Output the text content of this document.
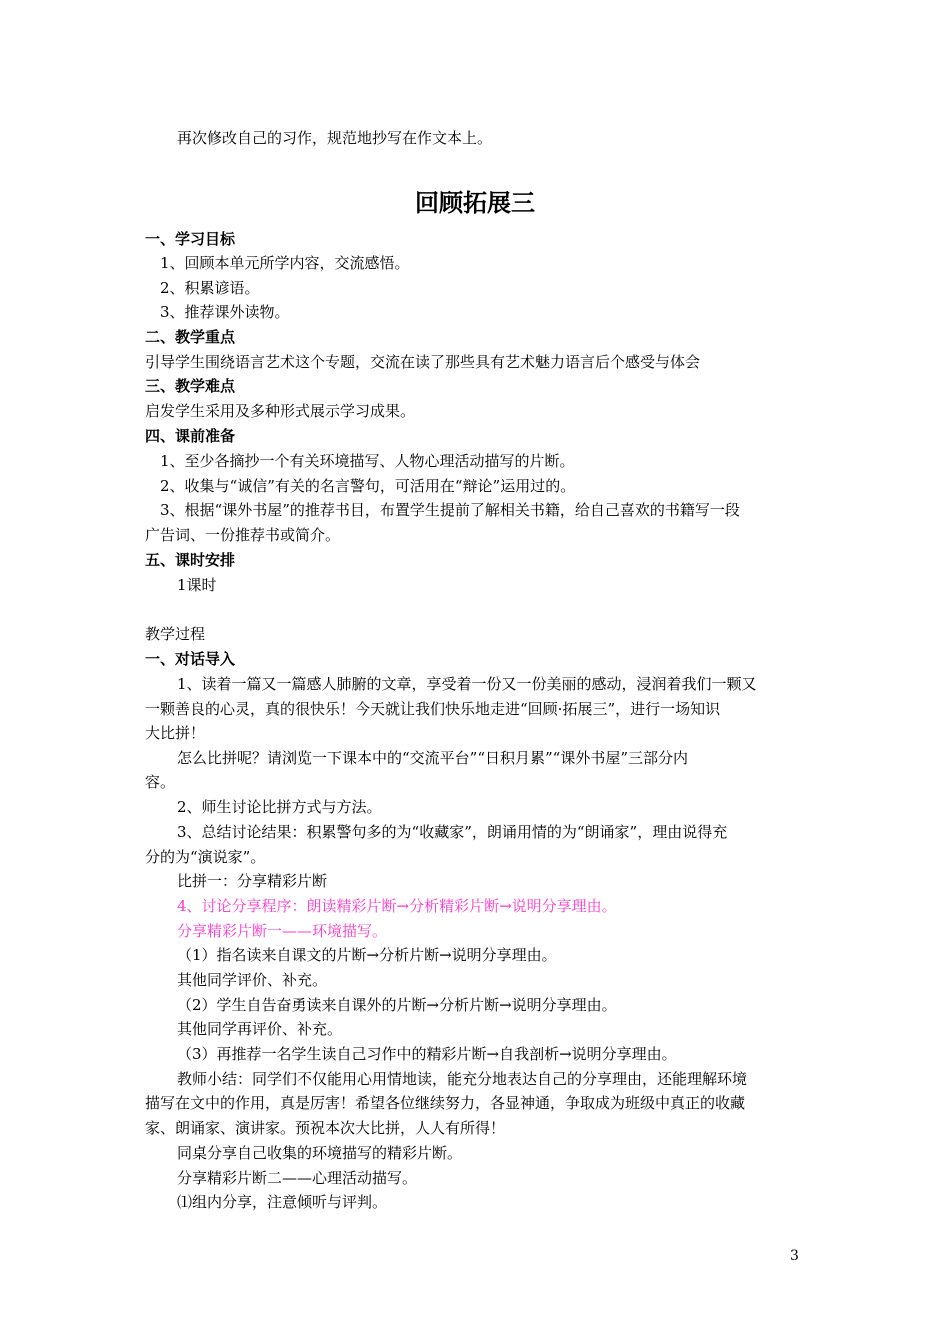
再次修改自己的习作，规范地抄写在作文本上。
回顾拓展三
一、学习目标
1、回顾本单元所学内容，交流感悟。
2、积累谚语。
3、推荐课外读物。
二、教学重点
引导学生围绕语言艺术这个专题，交流在读了那些具有艺术魅力语言后个感受与体会
三、教学难点
启发学生采用及多种形式展示学习成果。
四、课前准备
1、至少各摘抄一个有关环境描写、人物心理活动描写的片断。
2、收集与“诚信”有关的名言警句，可活用在“辩论”运用过的。
3、根据“课外书屋”的推荐书目，布置学生提前了解相关书籍，给自己喜欢的书籍写一段
广告词、一份推荐书或简介。
五、课时安排
1课时
教学过程
一、对话导入
1、读着一篇又一篇感人肺腑的文章，享受着一份又一份美丽的感动，浸润着我们一颗又
一颗善良的心灵，真的很快乐！今天就让我们快乐地走进“回顾·拓展三”，进行一场知识
大比拼！
怎么比拼呢？请浏览一下课本中的“交流平台”“日积月累”“课外书屋”三部分内
容。
2、师生讨论比拼方式与方法。
3、总结讨论结果：积累警句多的为“收藏家”，朗诵用情的为“朗诵家”，理由说得充
分的为“演说家”。
比拼一：分享精彩片断
4、讨论分享程序：朗读精彩片断→分析精彩片断→说明分享理由。
分享精彩片断一——环境描写。
（1）指名读来自课文的片断→分析片断→说明分享理由。
其他同学评价、补充。
（2）学生自告奋勇读来自课外的片断→分析片断→说明分享理由。
其他同学再评价、补充。
（3）再推荐一名学生读自己习作中的精彩片断→自我剖析→说明分享理由。
教师小结：同学们不仅能用心用情地读，能充分地表达自己的分享理由，还能理解环境
描写在文中的作用，真是厉害！希望各位继续努力，各显神通，争取成为班级中真正的收藏
家、朗诵家、演讲家。预祝本次大比拼，人人有所得！
同桌分享自己收集的环境描写的精彩片断。
分享精彩片断二——心理活动描写。
⑴组内分享，注意倾听与评判。
3
